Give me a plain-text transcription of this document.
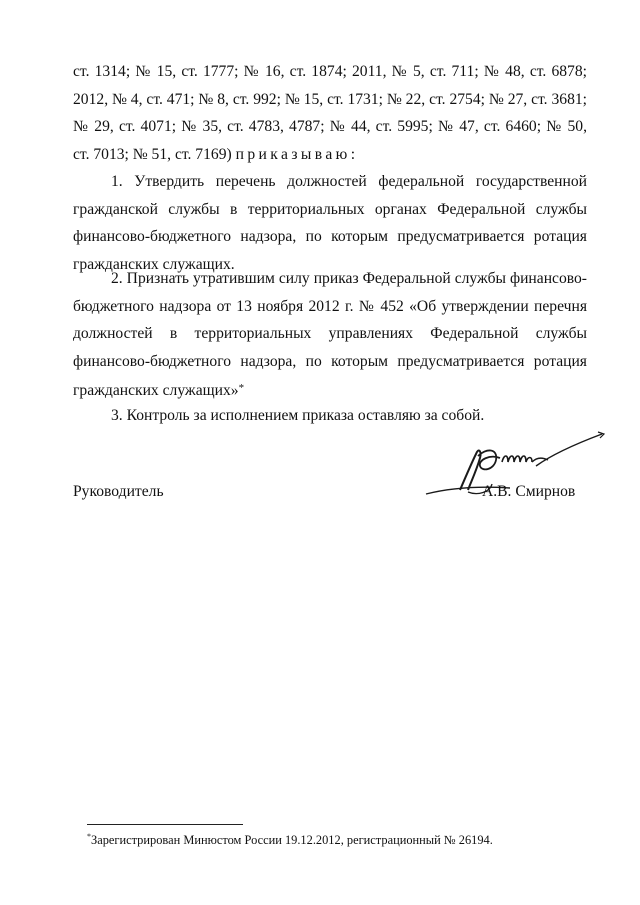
ст. 1314; № 15, ст. 1777; № 16, ст. 1874; 2011, № 5, ст. 711; № 48, ст. 6878;
2012, № 4, ст. 471; № 8, ст. 992; № 15, ст. 1731; № 22, ст. 2754; № 27, ст. 3681;
№ 29, ст. 4071; № 35, ст. 4783, 4787; № 44, ст. 5995; № 47, ст. 6460; № 50,
ст. 7013; № 51, ст. 7169) приказываю:
1. Утвердить перечень должностей федеральной государственной
гражданской службы в территориальных органах Федеральной службы
финансово-бюджетного надзора, по которым предусматривается ротация
гражданских служащих.
2. Признать утратившим силу приказ Федеральной службы финансово-
бюджетного надзора от 13 ноября 2012 г. № 452 «Об утверждении перечня
должностей в территориальных управлениях Федеральной службы
финансово-бюджетного надзора, по которым предусматривается ротация
гражданских служащих»*
3. Контроль за исполнением приказа оставляю за собой.
Руководитель	А.В. Смирнов
*Зарегистрирован Минюстом России 19.12.2012, регистрационный № 26194.
